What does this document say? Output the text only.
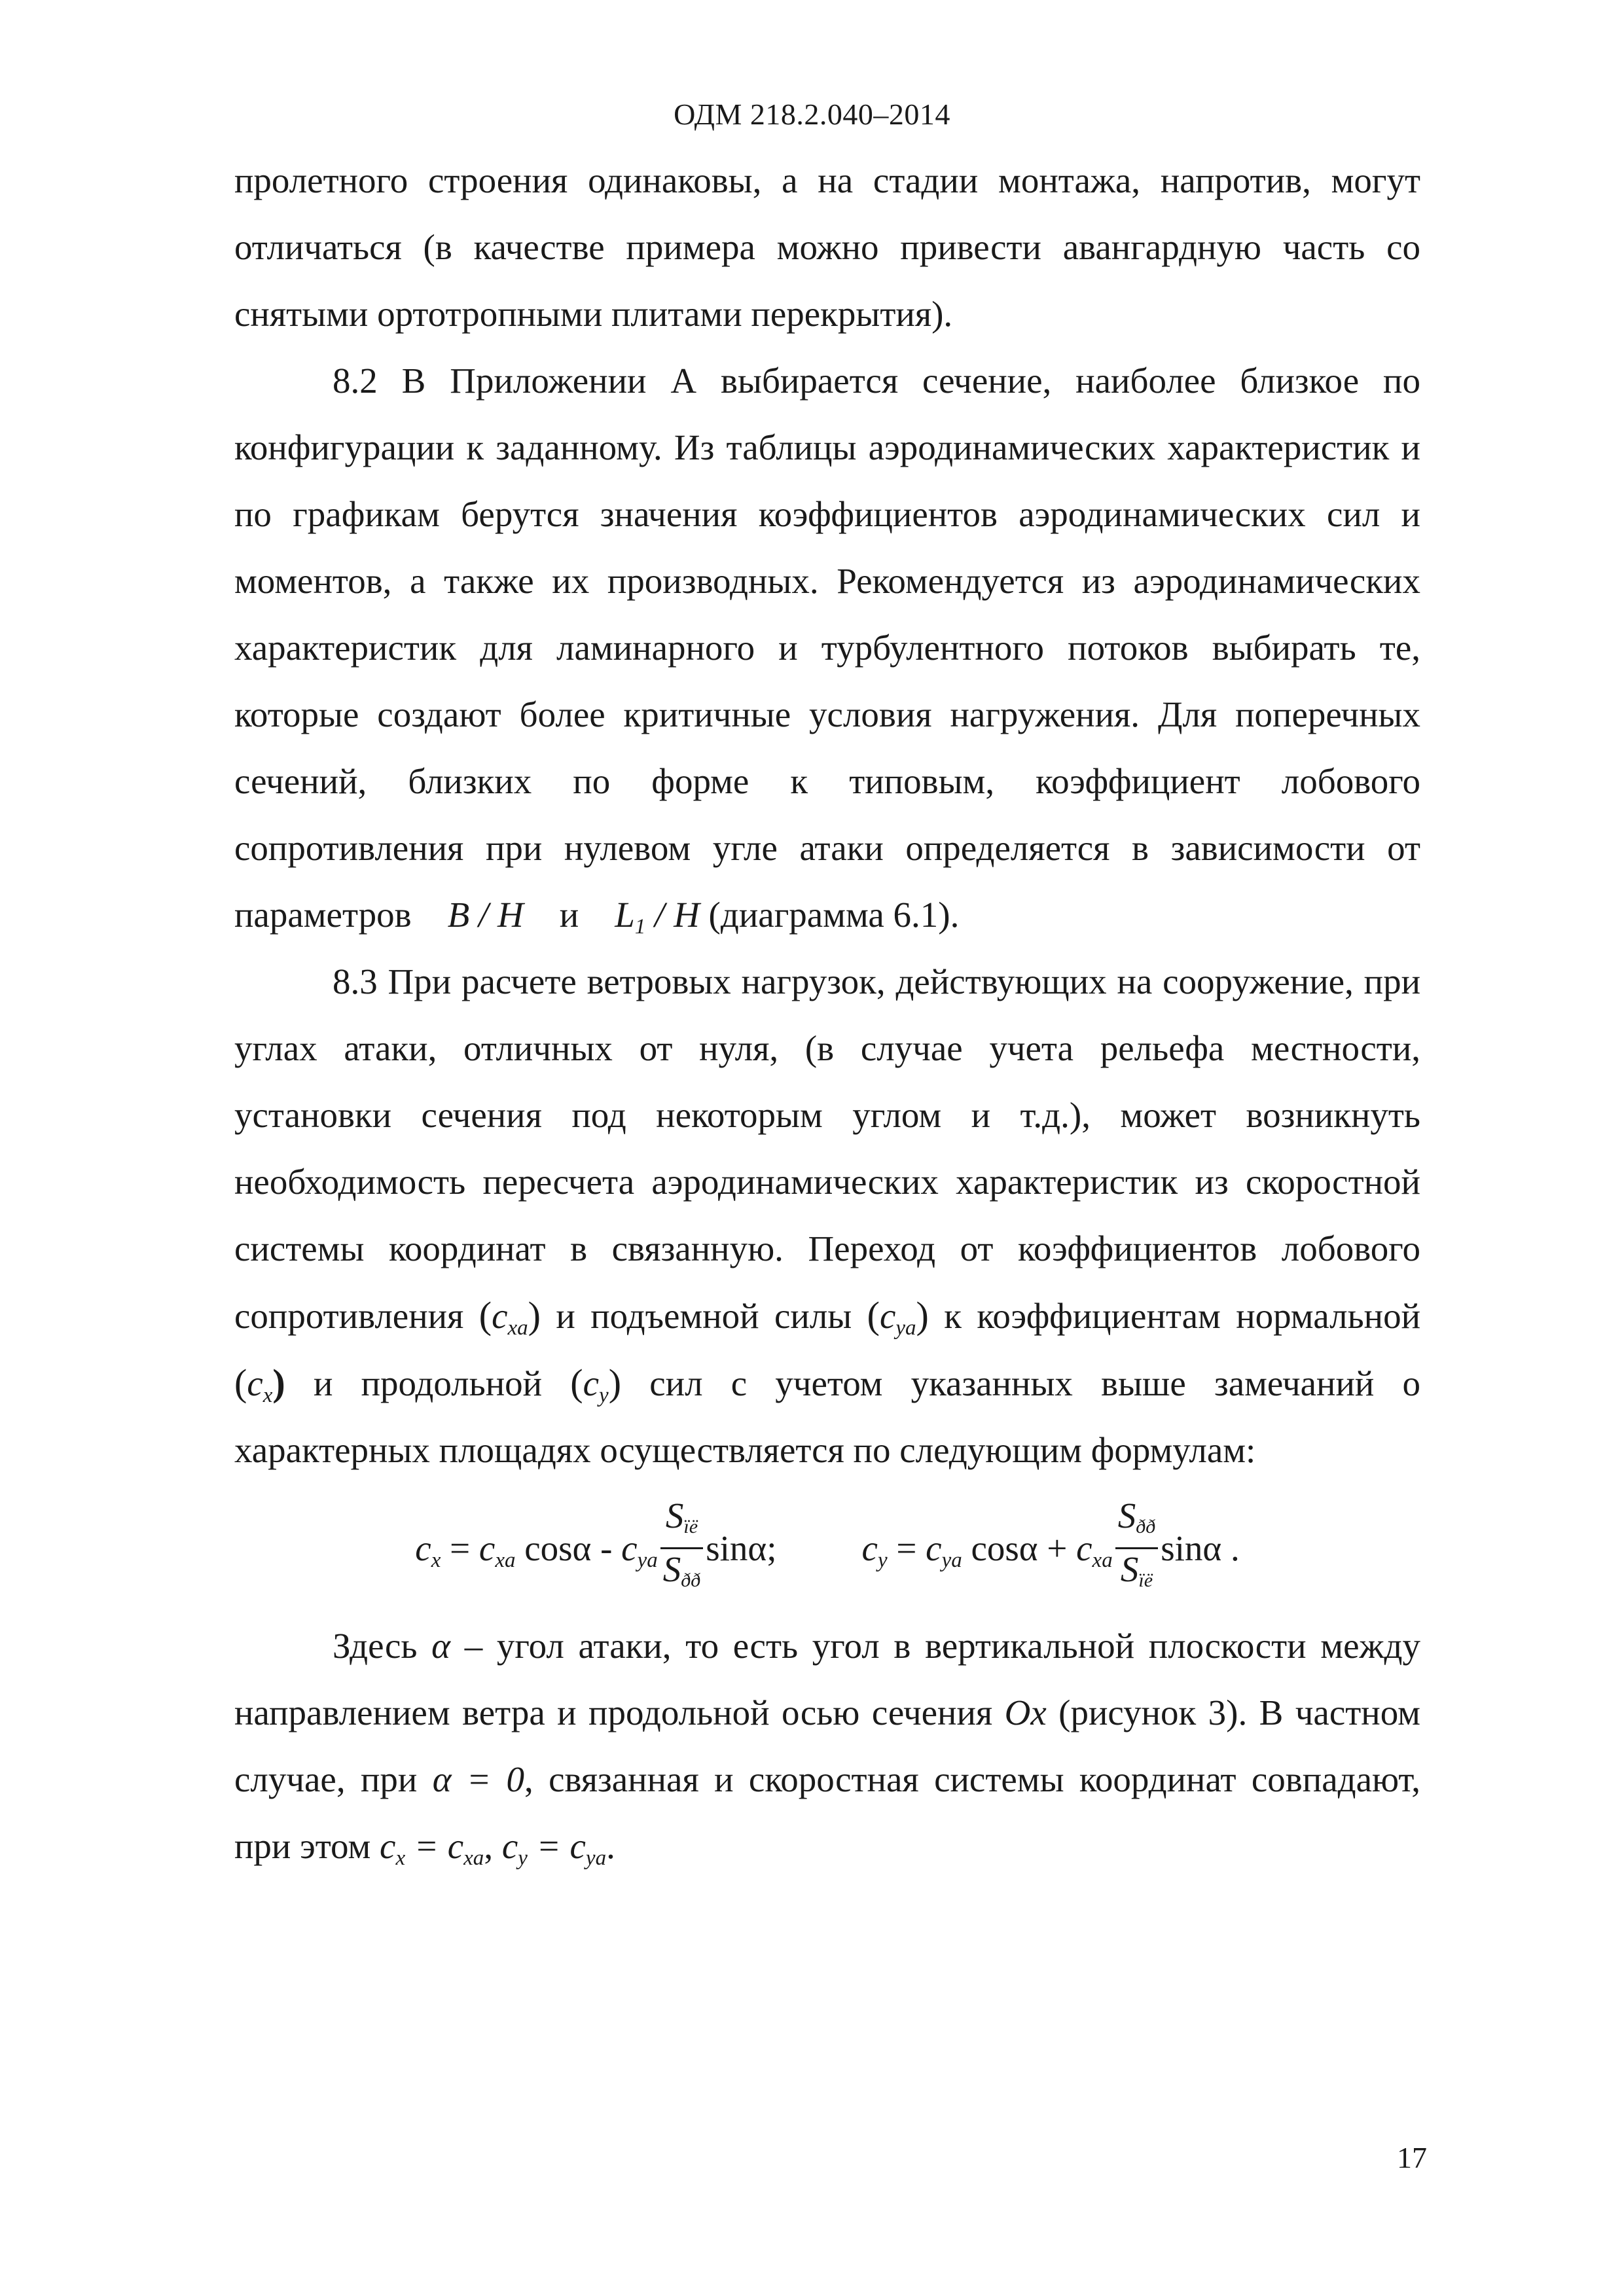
ОДМ 218.2.040–2014

пролетного строения одинаковы, а на стадии монтажа, напротив, могут отличаться (в качестве примера можно привести авангардную часть со снятыми ортотропными плитами перекрытия).

8.2 В Приложении А выбирается сечение, наиболее близкое по конфигурации к заданному. Из таблицы аэродинамических характеристик и по графикам берутся значения коэффициентов аэродинамических сил и моментов, а также их производных. Рекомендуется из аэродинамических характеристик для ламинарного и турбулентного потоков выбирать те, которые создают более критичные условия нагружения. Для поперечных сечений, близких по форме к типовым, коэффициент лобового сопротивления при нулевом угле атаки определяется в зависимости от параметров B / H и $L_1$ / H (диаграмма 6.1).

8.3 При расчете ветровых нагрузок, действующих на сооружение, при углах атаки, отличных от нуля, (в случае учета рельефа местности, установки сечения под некоторым углом и т.д.), может возникнуть необходимость пересчета аэродинамических характеристик из скоростной системы координат в связанную. Переход от коэффициентов лобового сопротивления $(c_{xa})$ и подъемной силы $(c_{ya})$ к коэффициентам нормальной $(c_x)$ и продольной $(c_y)$ сил с учетом указанных выше замечаний о характерных площадях осуществляется по следующим формулам:

$c_x = c_{xa}$ cosα - $c_{ya} \frac{S_{ïë}}{S_{ðð}} \sin\alpha$; $c_y = c_{ya}$ $\cos\alpha + c_{xa} \frac{S_{ðð}}{S_{ïë}}$ sinα .

Здесь α – угол атаки, то есть угол в вертикальной плоскости между направлением ветра и продольной осью сечения Ox (рисунок 3). В частном случае, при α = 0, связанная и скоростная системы координат совпадают, при этом $c_x = c_{xa}$, $c_y = c_{ya}$.

17
